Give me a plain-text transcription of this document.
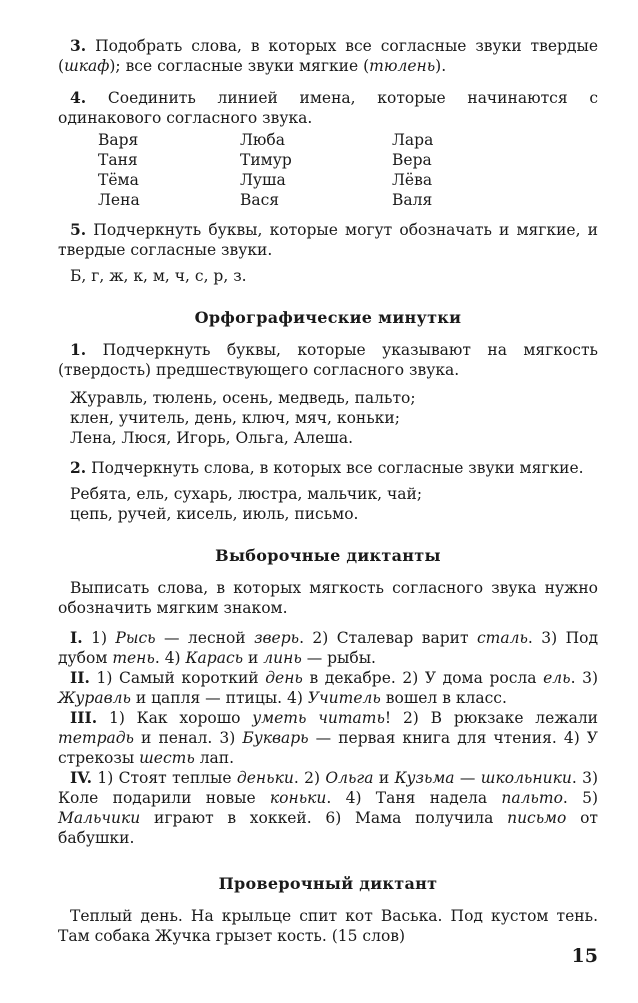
3. Подобрать слова, в которых все согласные звуки твердые (шкаф); все согласные звуки мягкие (тюлень).

4. Соединить линией имена, которые начинаются с одинакового согласного звука.

Варя	Люба	Лара
Таня	Тимур	Вера
Тёма	Луша	Лёва
Лена	Вася	Валя

5. Подчеркнуть буквы, которые могут обозначать и мягкие, и твердые согласные звуки.

Б, г, ж, к, м, ч, с, р, з.

Орфографические минутки

1. Подчеркнуть буквы, которые указывают на мягкость (твердость) предшествующего согласного звука.

Журавль, тюлень, осень, медведь, пальто;

клен, учитель, день, ключ, мяч, коньки;

Лена, Люся, Игорь, Ольга, Алеша.

2. Подчеркнуть слова, в которых все согласные звуки мягкие.

Ребята, ель, сухарь, люстра, мальчик, чай;

цепь, ручей, кисель, июль, письмо.

Выборочные диктанты

Выписать слова, в которых мягкость согласного звука нужно обозначить мягким знаком.

I. 1) Рысь — лесной зверь. 2) Сталевар варит сталь. 3) Под дубом тень. 4) Карась и линь — рыбы.

II. 1) Самый короткий день в декабре. 2) У дома росла ель. 3) Журавль и цапля — птицы. 4) Учитель вошел в класс.

III. 1) Как хорошо уметь читать! 2) В рюкзаке лежали тетрадь и пенал. 3) Букварь — первая книга для чтения. 4) У стрекозы шесть лап.

IV. 1) Стоят теплые деньки. 2) Ольга и Кузьма — школьники. 3) Коле подарили новые коньки. 4) Таня надела пальто. 5) Мальчики играют в хоккей. 6) Мама получила письмо от бабушки.

Проверочный диктант

Теплый день. На крыльце спит кот Васька. Под кустом тень. Там собака Жучка грызет кость. (15 слов)

15
